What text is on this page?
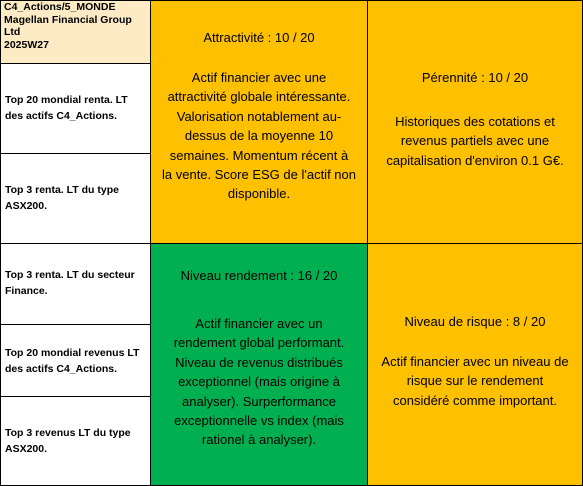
C4_Actions/5_MONDE
Magellan Financial Group
Ltd
2025W27
Top 20 mondial renta. LT
des actifs C4_Actions.
Top 3 renta. LT du type
ASX200.
Top 3 renta. LT du secteur
Finance.
Top 20 mondial revenus LT
des actifs C4_Actions.
Top 3 revenus LT du type
ASX200.
Attractivité : 10 / 20
Actif financier avec une
attractivité globale intéressante.
Valorisation notablement au-
dessus de la moyenne 10
semaines. Momentum récent à
la vente. Score ESG de l'actif non
disponible.
Pérennité : 10 / 20
Historiques des cotations et
revenus partiels avec une
capitalisation d'environ 0.1 G€.
Niveau rendement : 16 / 20
Actif financier avec un
rendement global performant.
Niveau de revenus distribués
exceptionnel (mais origine à
analyser). Surperformance
exceptionnelle vs index (mais
rationel à analyser).
Niveau de risque : 8 / 20
Actif financier avec un niveau de
risque sur le rendement
considéré comme important.
